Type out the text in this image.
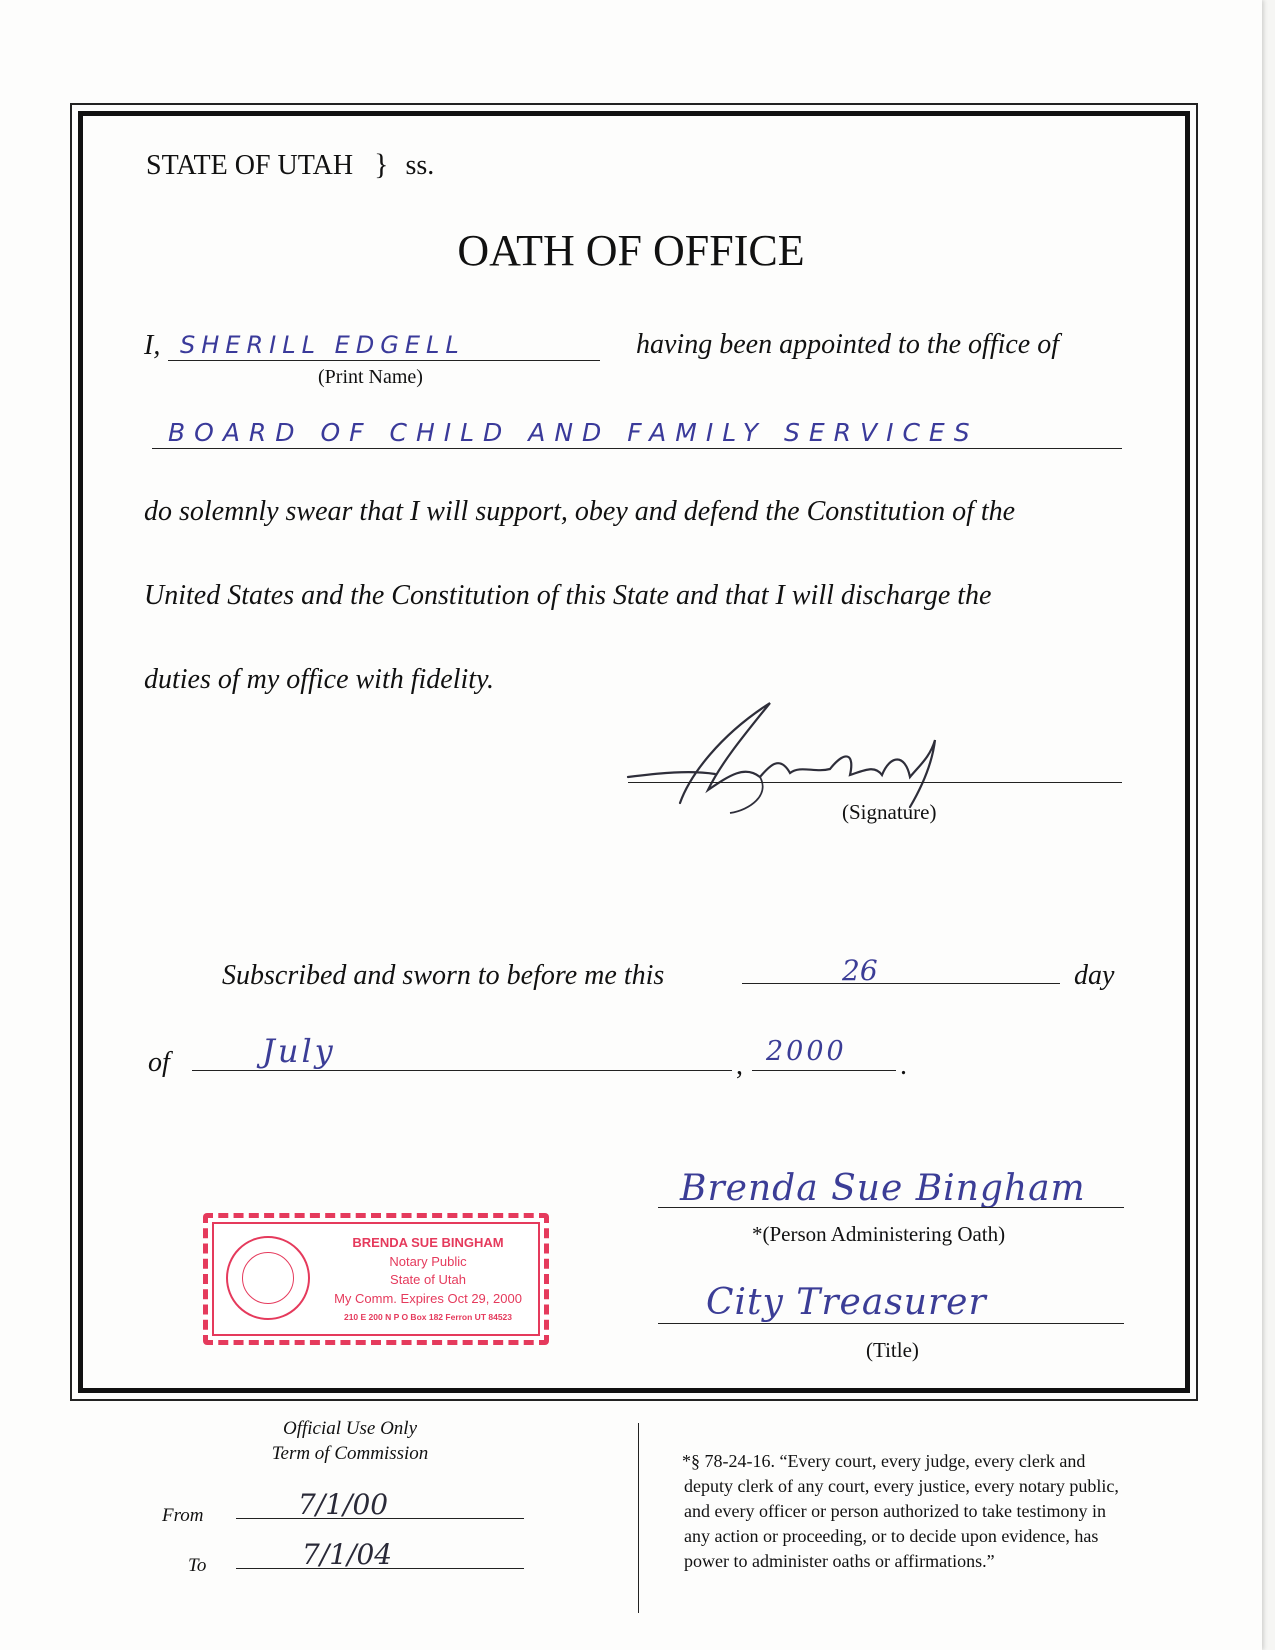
STATE OF UTAH } ss.
OATH OF OFFICE
I, SHERILL EDGELL
(Print Name)
having been appointed to the office of
BOARD OF CHILD AND FAMILY SERVICES
do solemnly swear that I will support, obey and defend the Constitution of the
United States and the Constitution of this State and that I will discharge the
duties of my office with fidelity.
(Signature)
Subscribed and sworn to before me this	26	day
of	July	, 2000 .
Brenda Sue Bingham
*(Person Administering Oath)
City Treasurer
(Title)
BRENDA SUE BINGHAM
Notary Public
State of Utah
My Comm. Expires Oct 29, 2000
210 E 200 N P O Box 182 Ferron UT 84523
Official Use Only
Term of Commission
From	7/1/00
To	7/1/04
*§ 78-24-16. “Every court, every judge, every clerk and
deputy clerk of any court, every justice, every notary public,
and every officer or person authorized to take testimony in
any action or proceeding, or to decide upon evidence, has
power to administer oaths or affirmations.”
